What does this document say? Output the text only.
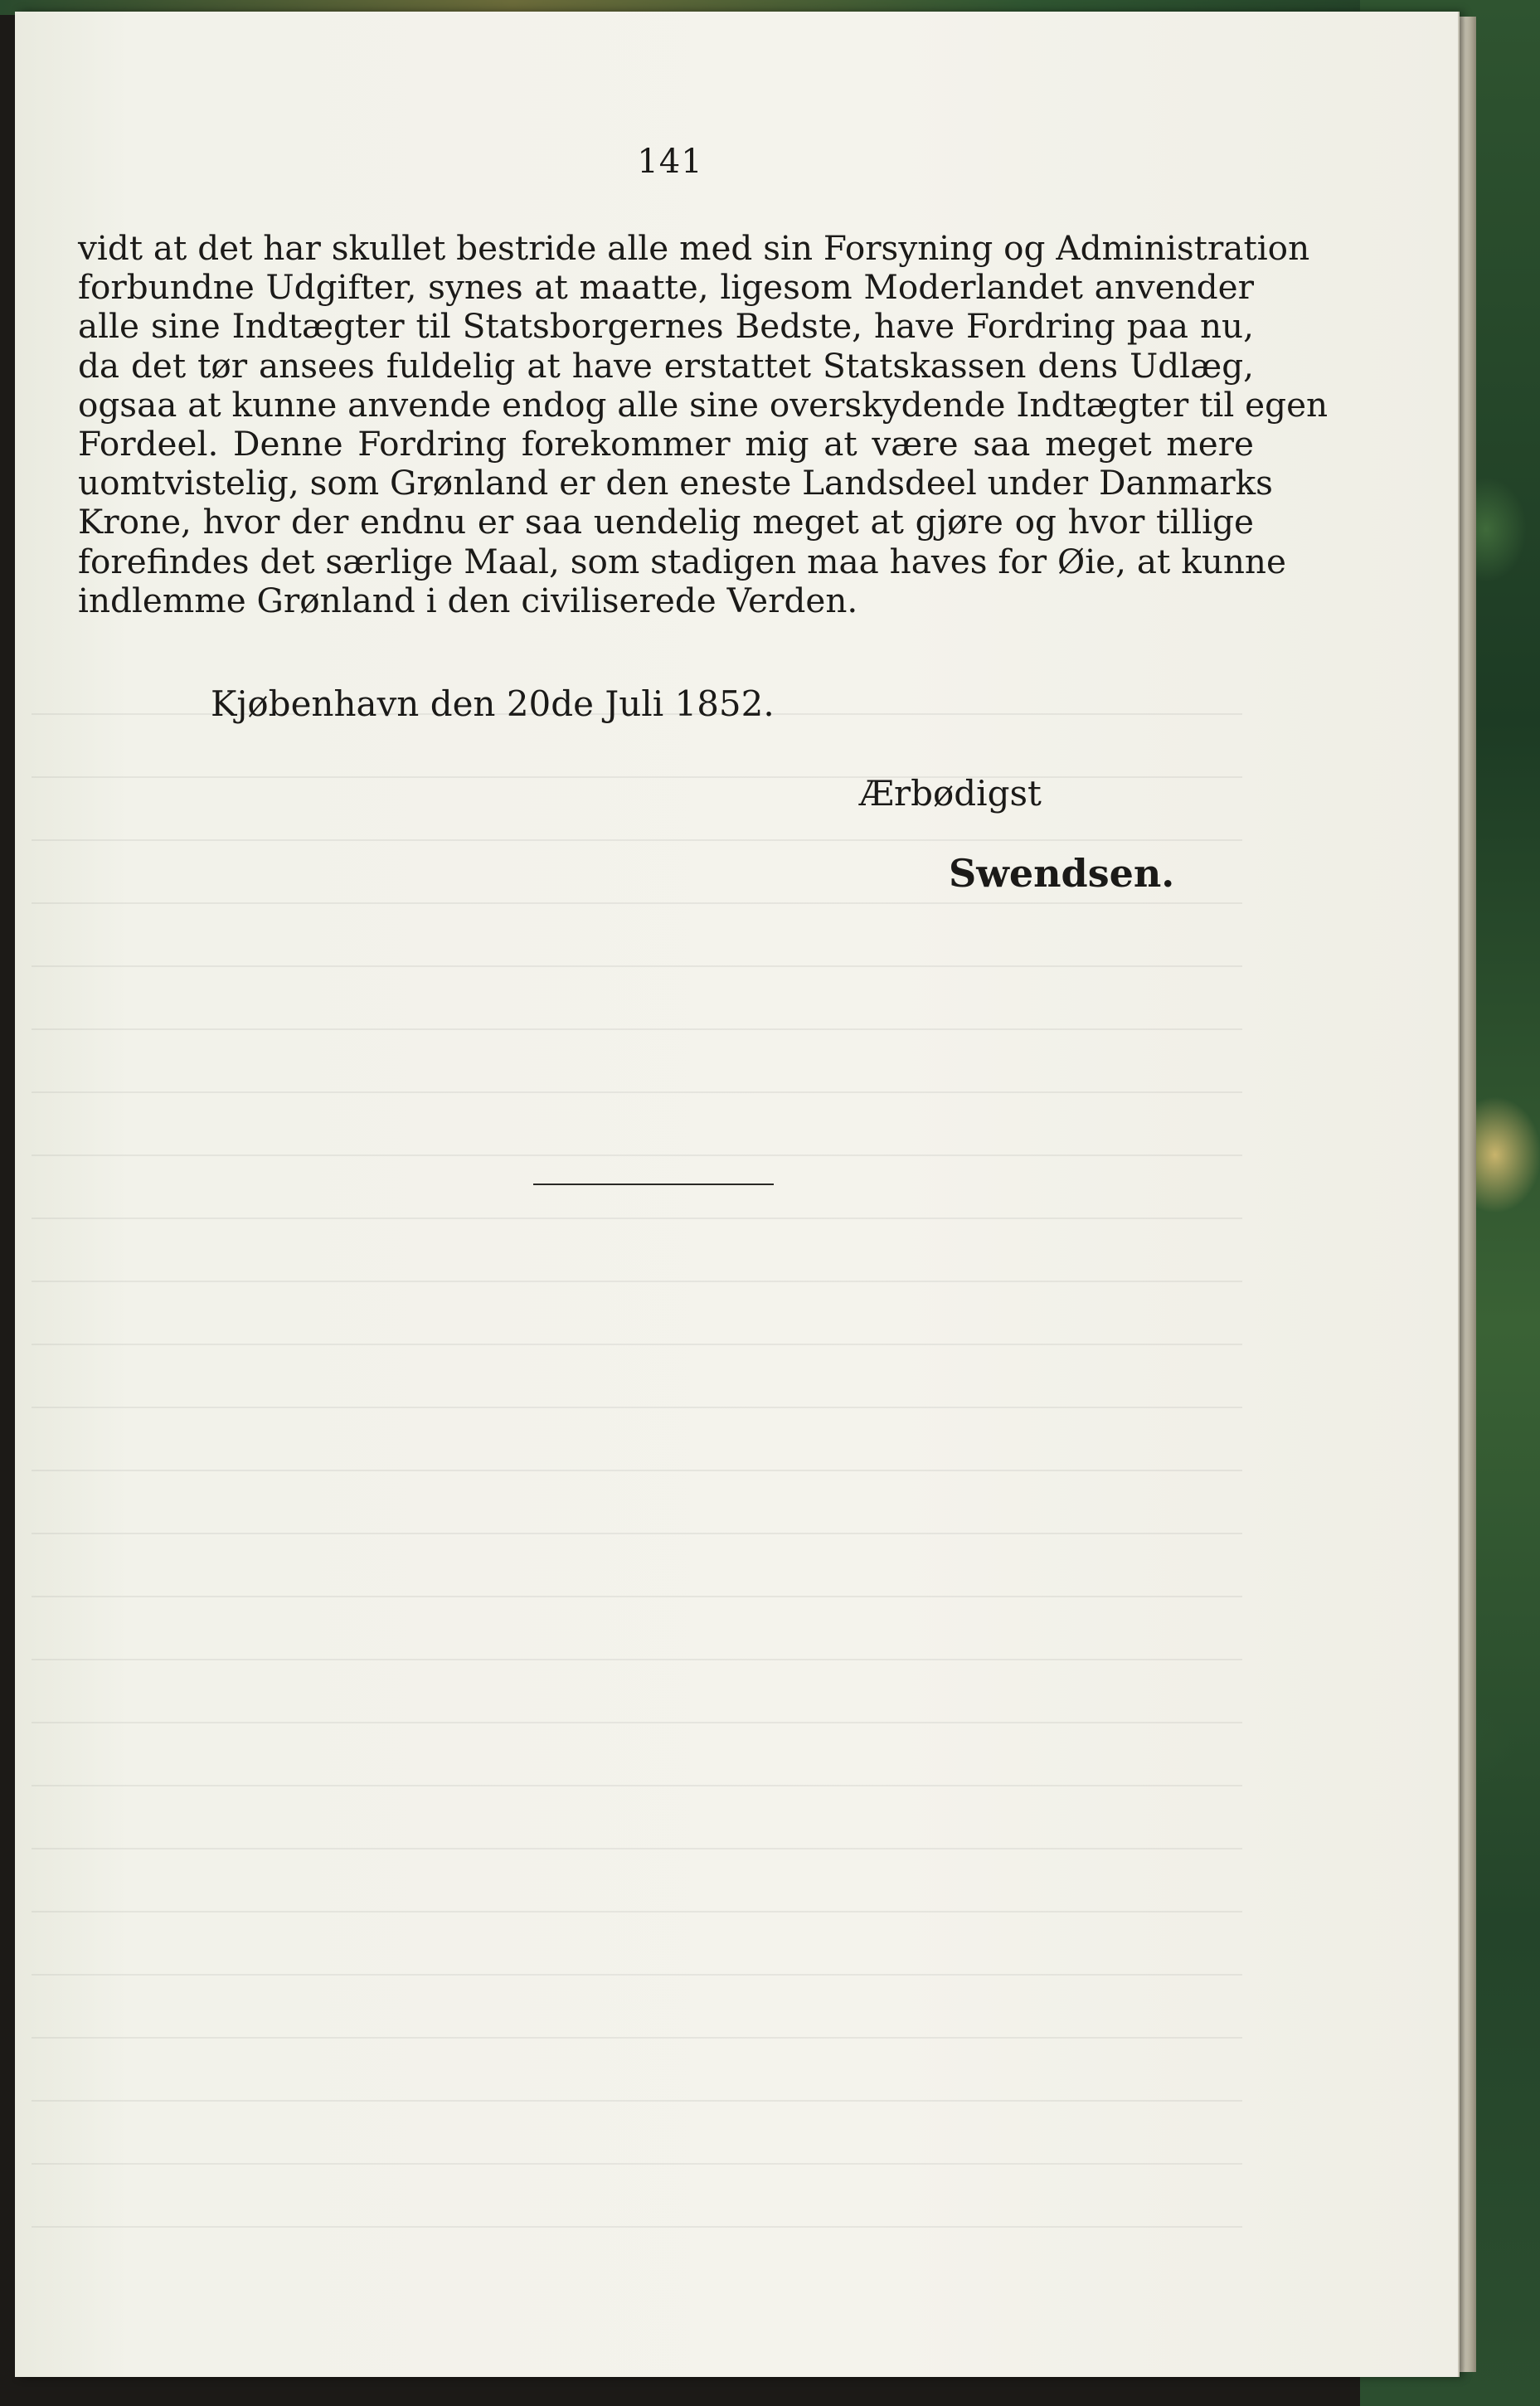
141
vidt at det har skullet bestride alle med sin Forsyning og Administration
forbundne Udgifter, synes at maatte, ligesom Moderlandet anvender
alle sine Indtægter til Statsborgernes Bedste, have Fordring paa nu,
da det tør ansees fuldelig at have erstattet Statskassen dens Udlæg,
ogsaa at kunne anvende endog alle sine overskydende Indtægter til egen
Fordeel. Denne Fordring forekommer mig at være saa meget mere
uomtvistelig, som Grønland er den eneste Landsdeel under Danmarks
Krone, hvor der endnu er saa uendelig meget at gjøre og hvor tillige
forefindes det særlige Maal, som stadigen maa haves for Øie, at kunne
indlemme Grønland i den civiliserede Verden.
Kjøbenhavn den 20de Juli 1852.
Ærbødigst
Swendsen.
